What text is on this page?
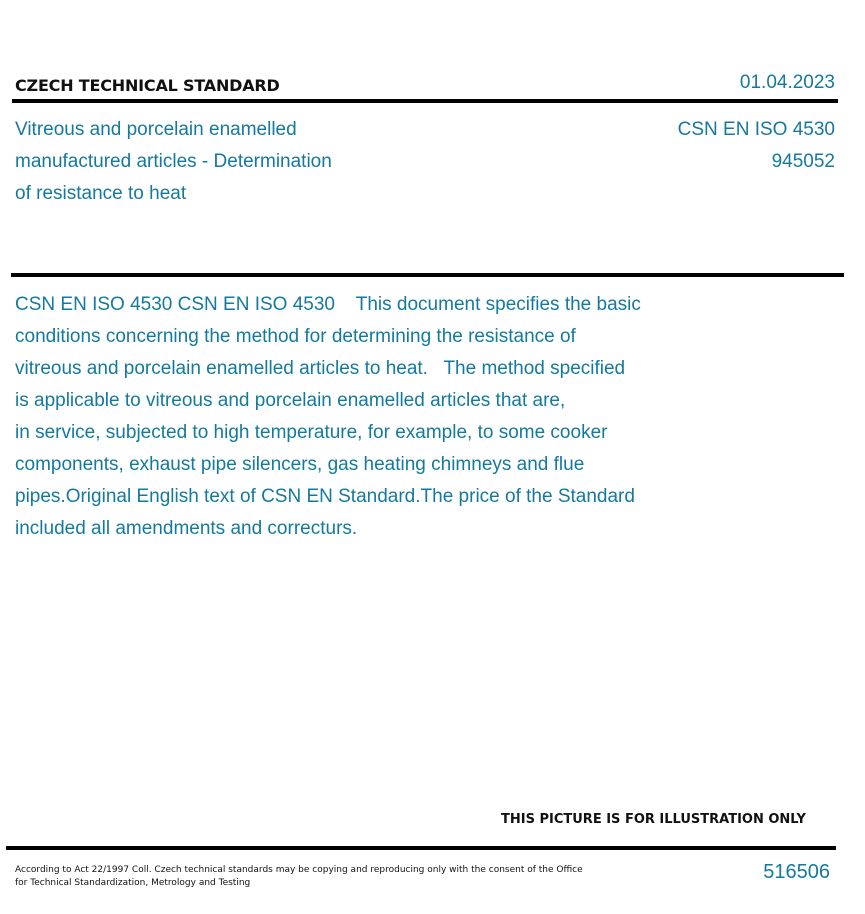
CZECH TECHNICAL STANDARD	01.04.2023
Vitreous and porcelain enamelled
manufactured articles - Determination
of resistance to heat
CSN EN ISO 4530
945052
CSN EN ISO 4530 CSN EN ISO 4530    This document specifies the basic
conditions concerning the method for determining the resistance of
vitreous and porcelain enamelled articles to heat.   The method specified
is applicable to vitreous and porcelain enamelled articles that are,
in service, subjected to high temperature, for example, to some cooker
components, exhaust pipe silencers, gas heating chimneys and flue
pipes.Original English text of CSN EN Standard.The price of the Standard
included all amendments and correcturs.
THIS PICTURE IS FOR ILLUSTRATION ONLY
According to Act 22/1997 Coll. Czech technical standards may be copying and reproducing only with the consent of the Office
for Technical Standardization, Metrology and Testing	516506
